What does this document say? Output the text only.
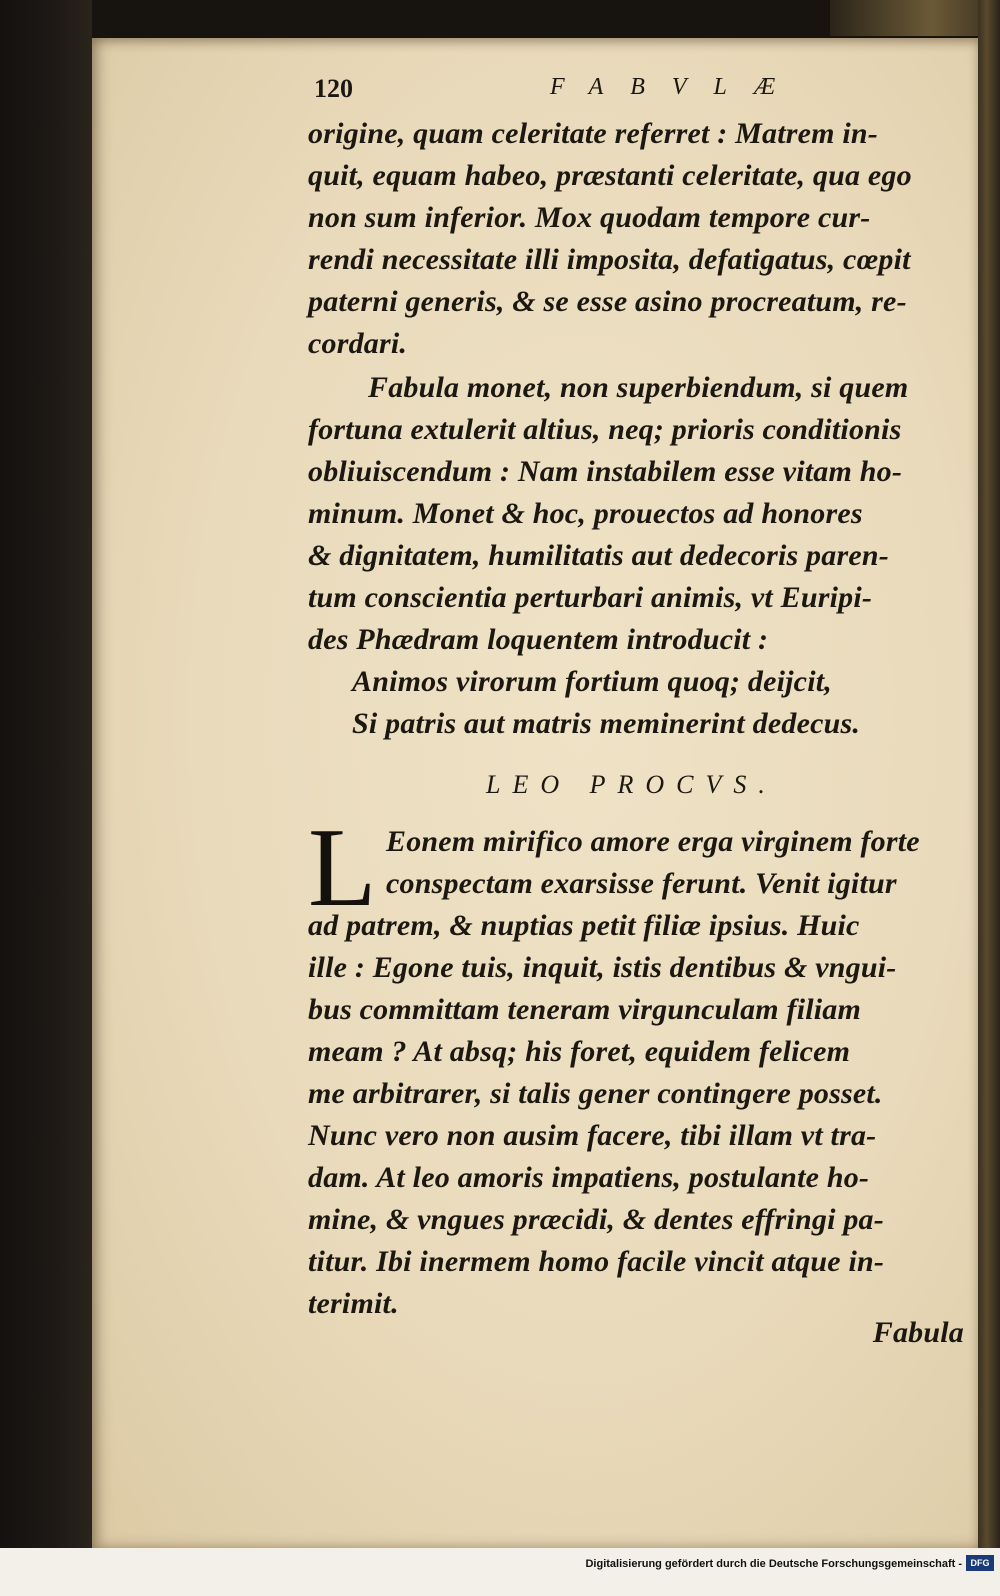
120	FABVLÆ
origine, quam celeritate referret : Matrem in-
quit, equam habeo, præstanti celeritate, qua ego
non sum inferior. Mox quodam tempore cur-
rendi necessitate illi imposita, defatigatus, cœpit
paterni generis, & se esse asino procreatum, re-
cordari.
Fabula monet, non superbiendum, si quem
fortuna extulerit altius, neq; prioris conditionis
obliuiscendum : Nam instabilem esse vitam ho-
minum. Monet & hoc, prouectos ad honores
& dignitatem, humilitatis aut dedecoris paren-
tum conscientia perturbari animis, vt Euripi-
des Phædram loquentem introducit :
Animos virorum fortium quoq; deijcit,
Si patris aut matris meminerint dedecus.
LEO PROCVS.
L Eonem mirifico amore erga virginem forte
conspectam exarsisse ferunt. Venit igitur
ad patrem, & nuptias petit filiæ ipsius. Huic
ille : Egone tuis, inquit, istis dentibus & vngui-
bus committam teneram virgunculam filiam
meam ? At absq; his foret, equidem felicem
me arbitrarer, si talis gener contingere posset.
Nunc vero non ausim facere, tibi illam vt tra-
dam. At leo amoris impatiens, postulante ho-
mine, & vngues præcidi, & dentes effringi pa-
titur. Ibi inermem homo facile vincit atque in-
terimit.
Fabula
Digitalisierung gefördert durch die Deutsche Forschungsgemeinschaft - DFG
